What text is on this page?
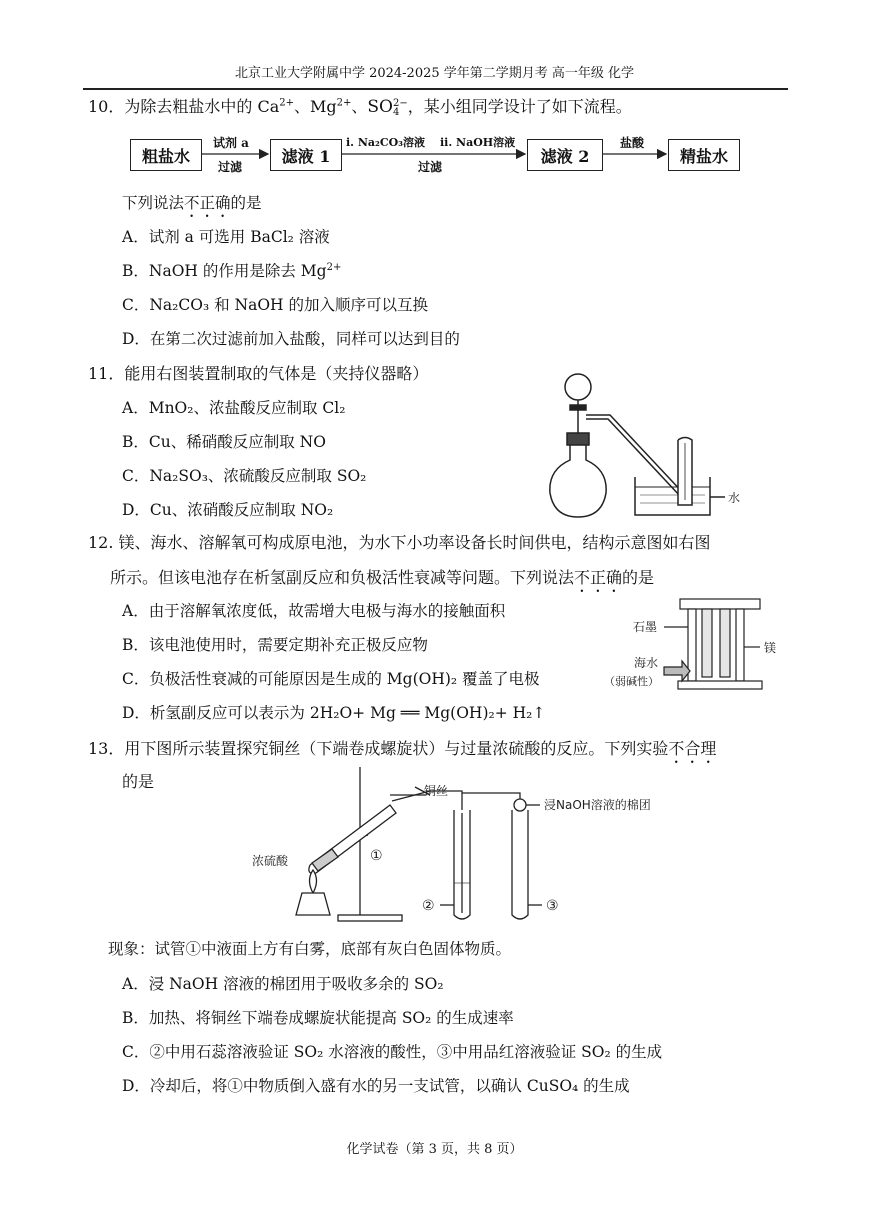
北京工业大学附属中学 2024-2025 学年第二学期月考 高一年级 化学
10．为除去粗盐水中的 $Ca^{2+}$、$Mg^{2+}$、SO 2−
4 ，某小组同学设计了如下流程。
粗盐水	滤液 1	滤液 2	精盐水
试剂 a
过滤
i. Na₂CO₃溶液 ii. NaOH溶液
过滤
盐酸
下列说法不正确的是
A．试剂 a 可选用 BaCl₂ 溶液
B．NaOH 的作用是除去 $Mg^{2+}$
C．Na₂CO₃ 和 NaOH 的加入顺序可以互换
D．在第二次过滤前加入盐酸，同样可以达到目的
11．能用右图装置制取的气体是（夹持仪器略）
A．MnO₂、浓盐酸反应制取 Cl₂
B．Cu、稀硝酸反应制取 NO
C．Na₂SO₃、浓硫酸反应制取 SO₂
D．Cu、浓硝酸反应制取 NO₂
水
12. 镁、海水、溶解氧可构成原电池，为水下小功率设备长时间供电，结构示意图如右图
所示。但该电池存在析氢副反应和负极活性衰减等问题。下列说法不正确的是
A．由于溶解氧浓度低，故需增大电极与海水的接触面积
B．该电池使用时，需要定期补充正极反应物
C．负极活性衰减的可能原因是生成的 Mg(OH)₂ 覆盖了电极
D．析氢副反应可以表示为 2H₂O+ Mg ══ Mg(OH)₂+ H₂↑
石墨
镁
海水
（弱碱性）
13．用下图所示装置探究铜丝（下端卷成螺旋状）与过量浓硫酸的反应。下列实验不合理
的是	铜丝
浸NaOH溶液的棉团
浓硫酸	①
②	③
现象：试管①中液面上方有白雾，底部有灰白色固体物质。
A．浸 NaOH 溶液的棉团用于吸收多余的 SO₂
B．加热、将铜丝下端卷成螺旋状能提高 SO₂ 的生成速率
C．②中用石蕊溶液验证 SO₂ 水溶液的酸性，③中用品红溶液验证 SO₂ 的生成
D．冷却后，将①中物质倒入盛有水的另一支试管，以确认 CuSO₄ 的生成
化学试卷（第 3 页，共 8 页）
